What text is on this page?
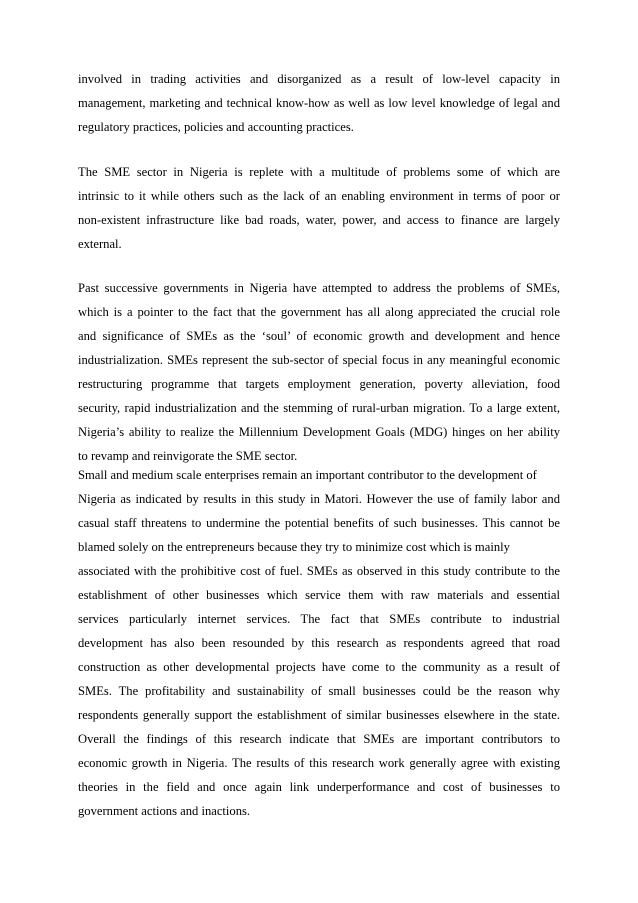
involved in trading activities and disorganized as a result of low-level capacity in
management, marketing and technical know-how as well as low level knowledge of legal and
regulatory practices, policies and accounting practices.
The SME sector in Nigeria is replete with a multitude of problems some of which are
intrinsic to it while others such as the lack of an enabling environment in terms of poor or
non-existent infrastructure like bad roads, water, power, and access to finance are largely
external.
Past successive governments in Nigeria have attempted to address the problems of SMEs,
which is a pointer to the fact that the government has all along appreciated the crucial role
and significance of SMEs as the ‘soul’ of economic growth and development and hence
industrialization. SMEs represent the sub-sector of special focus in any meaningful economic
restructuring programme that targets employment generation, poverty alleviation, food
security, rapid industrialization and the stemming of rural-urban migration. To a large extent,
Nigeria’s ability to realize the Millennium Development Goals (MDG) hinges on her ability
to revamp and reinvigorate the SME sector.
Small and medium scale enterprises remain an important contributor to the development of
Nigeria as indicated by results in this study in Matori. However the use of family labor and
casual staff threatens to undermine the potential benefits of such businesses. This cannot be
blamed solely on the entrepreneurs because they try to minimize cost which is mainly
associated with the prohibitive cost of fuel. SMEs as observed in this study contribute to the
establishment of other businesses which service them with raw materials and essential
services particularly internet services. The fact that SMEs contribute to industrial
development has also been resounded by this research as respondents agreed that road
construction as other developmental projects have come to the community as a result of
SMEs. The profitability and sustainability of small businesses could be the reason why
respondents generally support the establishment of similar businesses elsewhere in the state.
Overall the findings of this research indicate that SMEs are important contributors to
economic growth in Nigeria. The results of this research work generally agree with existing
theories in the field and once again link underperformance and cost of businesses to
government actions and inactions.
